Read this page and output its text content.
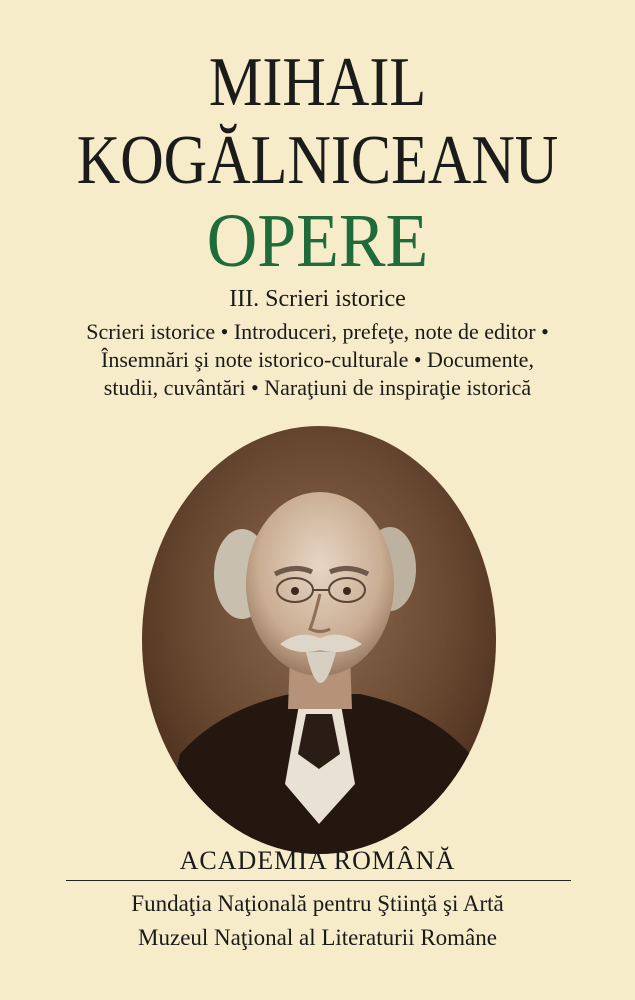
MIHAIL
KOGĂLNICEANU
OPERE
III. Scrieri istorice
Scrieri istorice • Introduceri, prefeţe, note de editor •
Însemnări şi note istorico-culturale • Documente,
studii, cuvântări • Naraţiuni de inspiraţie istorică
ACADEMIA ROMÂNĂ
Fundaţia Naţională pentru Ştiinţă şi Artă
Muzeul Naţional al Literaturii Române
